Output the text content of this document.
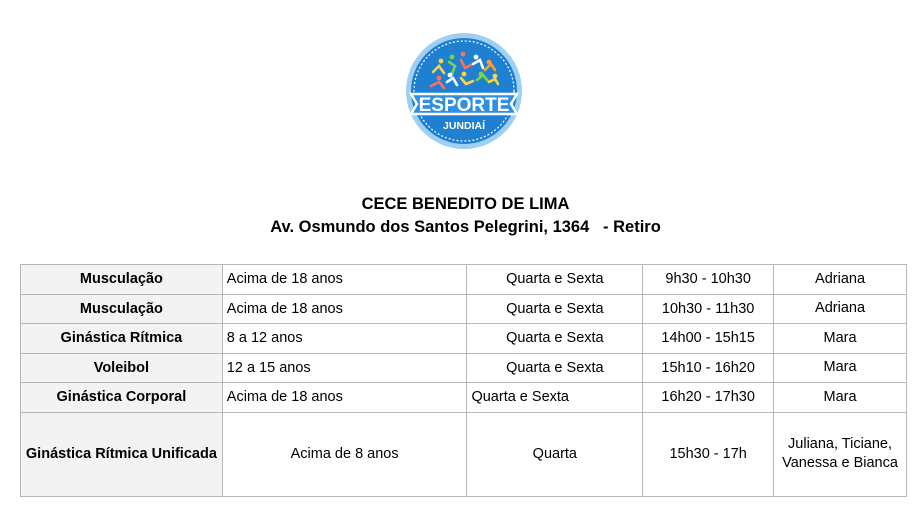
ESPORTE
JUNDIAÍ
CECE BENEDITO DE LIMA
Av. Osmundo dos Santos Pelegrini, 1364   - Retiro
Musculação	Acima de 18 anos	Quarta e Sexta	9h30 - 10h30	Adriana
Musculação	Acima de 18 anos	Quarta e Sexta	10h30 - 11h30	Adriana
Ginástica Rítmica	8 a 12 anos	Quarta e Sexta	14h00 - 15h15	Mara
Voleibol	12 a 15 anos	Quarta e Sexta	15h10 - 16h20	Mara
Ginástica Corporal	Acima de 18 anos	Quarta e Sexta	16h20 - 17h30	Mara
Ginástica Rítmica Unificada	Acima de 8 anos	Quarta	15h30 - 17h	Juliana, Ticiane, Vanessa e Bianca
